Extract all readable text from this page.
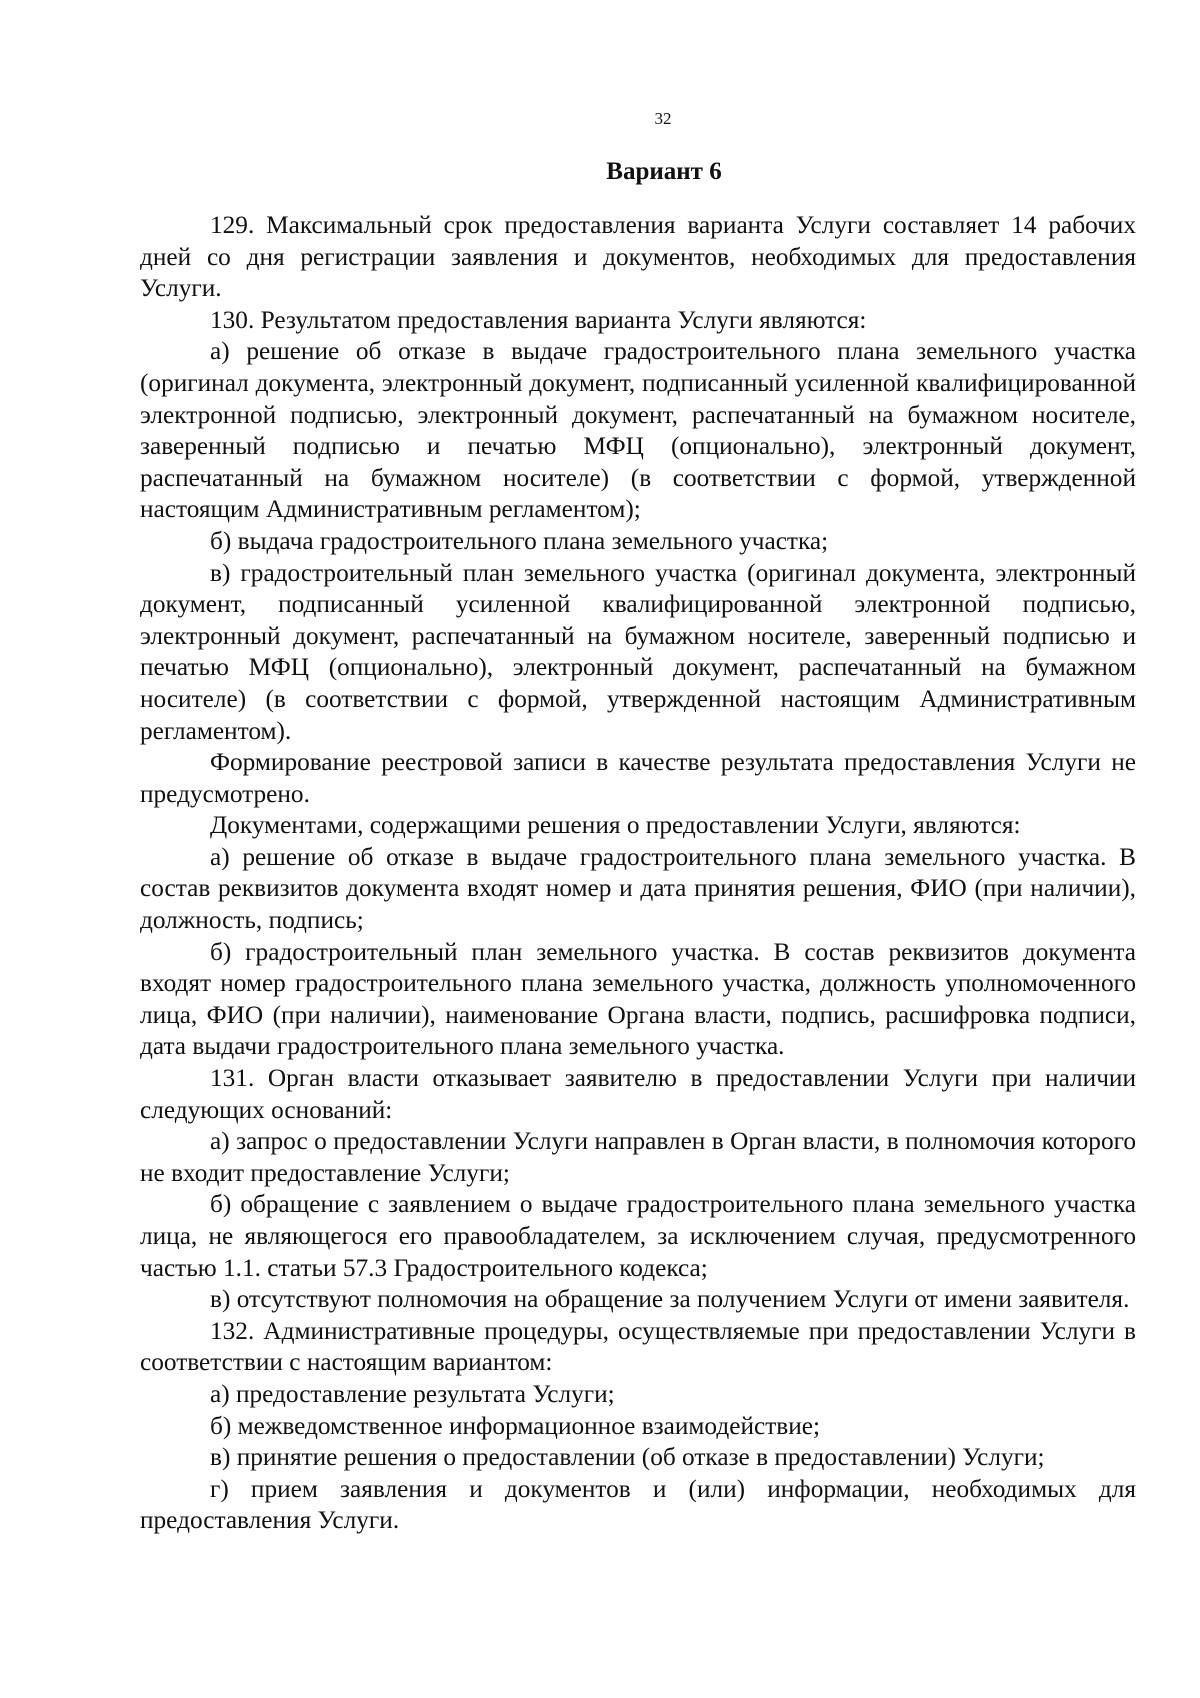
32
Вариант 6

129. Максимальный срок предоставления варианта Услуги составляет 14 рабочих дней со дня регистрации заявления и документов, необходимых для предоставления Услуги.

130. Результатом предоставления варианта Услуги являются:

а) решение об отказе в выдаче градостроительного плана земельного участка (оригинал документа, электронный документ, подписанный усиленной квалифицированной электронной подписью, электронный документ, распечатанный на бумажном носителе, заверенный подписью и печатью МФЦ (опционально), электронный документ, распечатанный на бумажном носителе) (в соответствии с формой, утвержденной настоящим Административным регламентом);

б) выдача градостроительного плана земельного участка;

в) градостроительный план земельного участка (оригинал документа, электронный документ, подписанный усиленной квалифицированной электронной подписью, электронный документ, распечатанный на бумажном носителе, заверенный подписью и печатью МФЦ (опционально), электронный документ, распечатанный на бумажном носителе) (в соответствии с формой, утвержденной настоящим Административным регламентом).

Формирование реестровой записи в качестве результата предоставления Услуги не предусмотрено.

Документами, содержащими решения о предоставлении Услуги, являются:

а) решение об отказе в выдаче градостроительного плана земельного участка. В состав реквизитов документа входят номер и дата принятия решения, ФИО (при наличии), должность, подпись;

б) градостроительный план земельного участка. В состав реквизитов документа входят номер градостроительного плана земельного участка, должность уполномоченного лица, ФИО (при наличии), наименование Органа власти, подпись, расшифровка подписи, дата выдачи градостроительного плана земельного участка.

131. Орган власти отказывает заявителю в предоставлении Услуги при наличии следующих оснований:

а) запрос о предоставлении Услуги направлен в Орган власти, в полномочия которого не входит предоставление Услуги;

б) обращение с заявлением о выдаче градостроительного плана земельного участка лица, не являющегося его правообладателем, за исключением случая, предусмотренного частью 1.1. статьи 57.3 Градостроительного кодекса;

в) отсутствуют полномочия на обращение за получением Услуги от имени заявителя.

132. Административные процедуры, осуществляемые при предоставлении Услуги в соответствии с настоящим вариантом:

а) предоставление результата Услуги;

б) межведомственное информационное взаимодействие;

в) принятие решения о предоставлении (об отказе в предоставлении) Услуги;

г) прием заявления и документов и (или) информации, необходимых для предоставления Услуги.
